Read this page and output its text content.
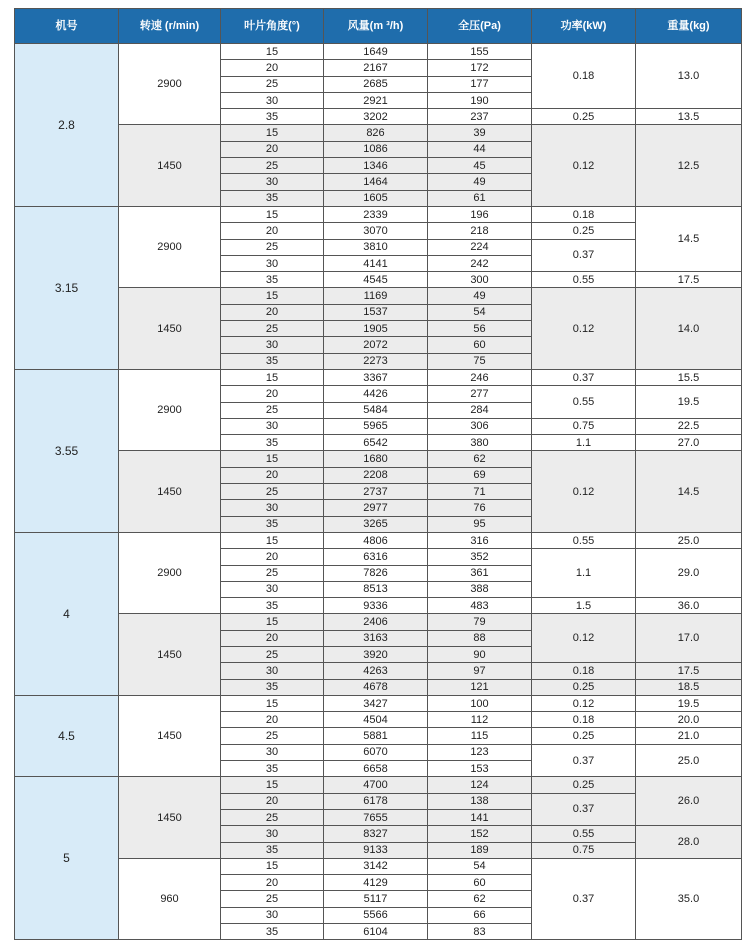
机号	转速 (r/min)	叶片角度(°)	风量(m ³/h)	全压(Pa)	功率(kW)	重量(kg)
2.8	2900	15	1649	155	0.18	13.0
		20	2167	172		
		25	2685	177		
		30	2921	190		
		35	3202	237	0.25	13.5
	1450	15	826	39	0.12	12.5
		20	1086	44		
		25	1346	45		
		30	1464	49		
		35	1605	61		
3.15	2900	15	2339	196	0.18	14.5
		20	3070	218	0.25	
		25	3810	224	0.37	
		30	4141	242		
		35	4545	300	0.55	17.5
	1450	15	1169	49	0.12	14.0
		20	1537	54		
		25	1905	56		
		30	2072	60		
		35	2273	75		
3.55	2900	15	3367	246	0.37	15.5
		20	4426	277	0.55	19.5
		25	5484	284		
		30	5965	306	0.75	22.5
		35	6542	380	1.1	27.0
	1450	15	1680	62	0.12	14.5
		20	2208	69		
		25	2737	71		
		30	2977	76		
		35	3265	95		
4	2900	15	4806	316	0.55	25.0
		20	6316	352	1.1	29.0
		25	7826	361		
		30	8513	388		
		35	9336	483	1.5	36.0
	1450	15	2406	79	0.12	17.0
		20	3163	88		
		25	3920	90		
		30	4263	97	0.18	17.5
		35	4678	121	0.25	18.5
4.5	1450	15	3427	100	0.12	19.5
		20	4504	112	0.18	20.0
		25	5881	115	0.25	21.0
		30	6070	123	0.37	25.0
		35	6658	153		
5	1450	15	4700	124	0.25	26.0
		20	6178	138	0.37	
		25	7655	141		
		30	8327	152	0.55	28.0
		35	9133	189	0.75	
	960	15	3142	54	0.37	35.0
		20	4129	60		
		25	5117	62		
		30	5566	66		
		35	6104	83		
